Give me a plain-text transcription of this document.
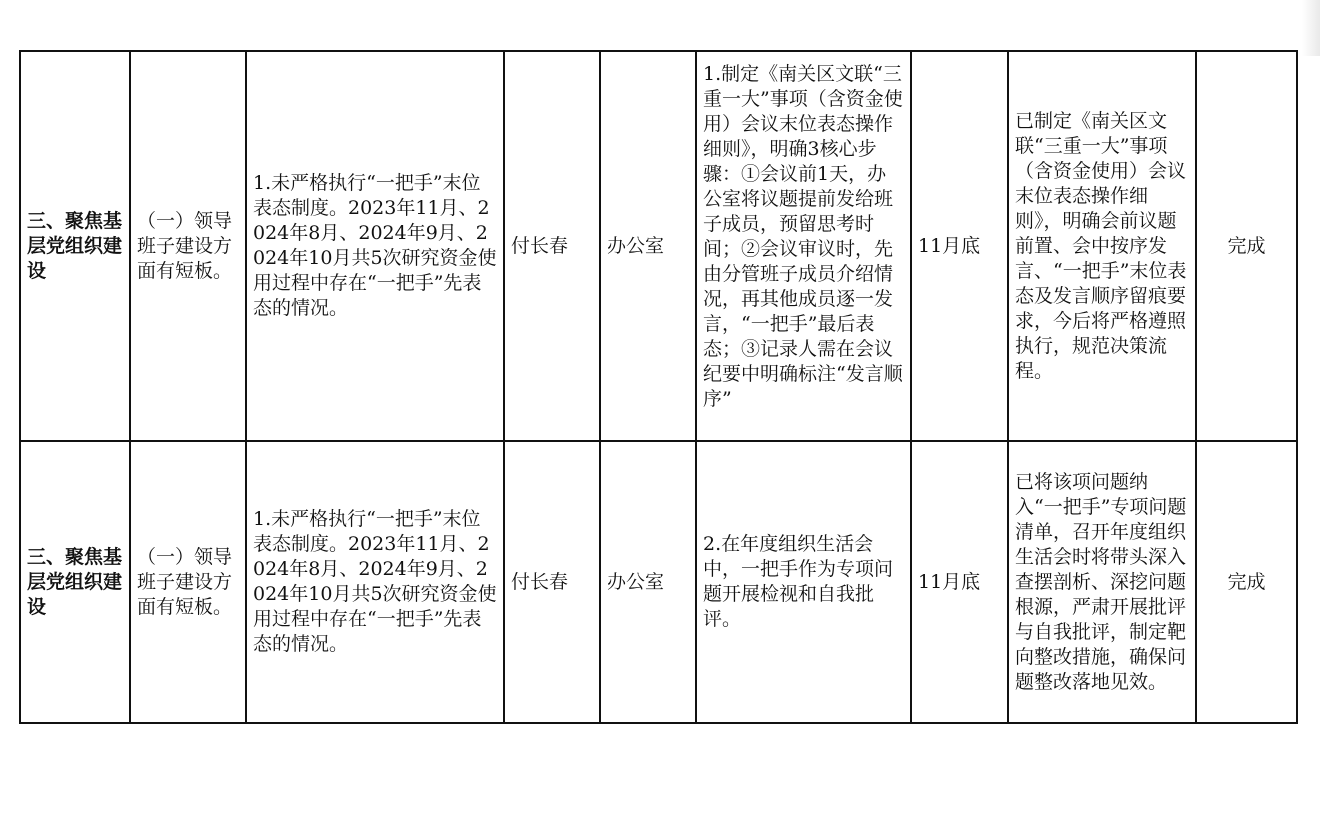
三、聚焦基层党组织建设	（一）领导班子建设方面有短板。	1.未严格执行“一把手”末位表态制度。2023年11月、2024年8月、2024年9月、2024年10月共5次研究资金使用过程中存在“一把手”先表态的情况。	付长春	办公室	1.制定《南关区文联“三重一大”事项（含资金使用）会议末位表态操作细则》，明确3核心步骤：①会议前1天，办公室将议题提前发给班子成员，预留思考时间；②会议审议时，先由分管班子成员介绍情况，再其他成员逐一发言，“一把手”最后表态；③记录人需在会议纪要中明确标注“发言顺序”	11月底	已制定《南关区文联“三重一大”事项（含资金使用）会议末位表态操作细则》，明确会前议题前置、会中按序发言、“一把手”末位表态及发言顺序留痕要求，今后将严格遵照执行，规范决策流程。	完成
三、聚焦基层党组织建设	（一）领导班子建设方面有短板。	1.未严格执行“一把手”末位表态制度。2023年11月、2024年8月、2024年9月、2024年10月共5次研究资金使用过程中存在“一把手”先表态的情况。	付长春	办公室	2.在年度组织生活会中，一把手作为专项问题开展检视和自我批评。	11月底	已将该项问题纳入“一把手”专项问题清单，召开年度组织生活会时将带头深入查摆剖析、深挖问题根源，严肃开展批评与自我批评，制定靶向整改措施，确保问题整改落地见效。	完成
